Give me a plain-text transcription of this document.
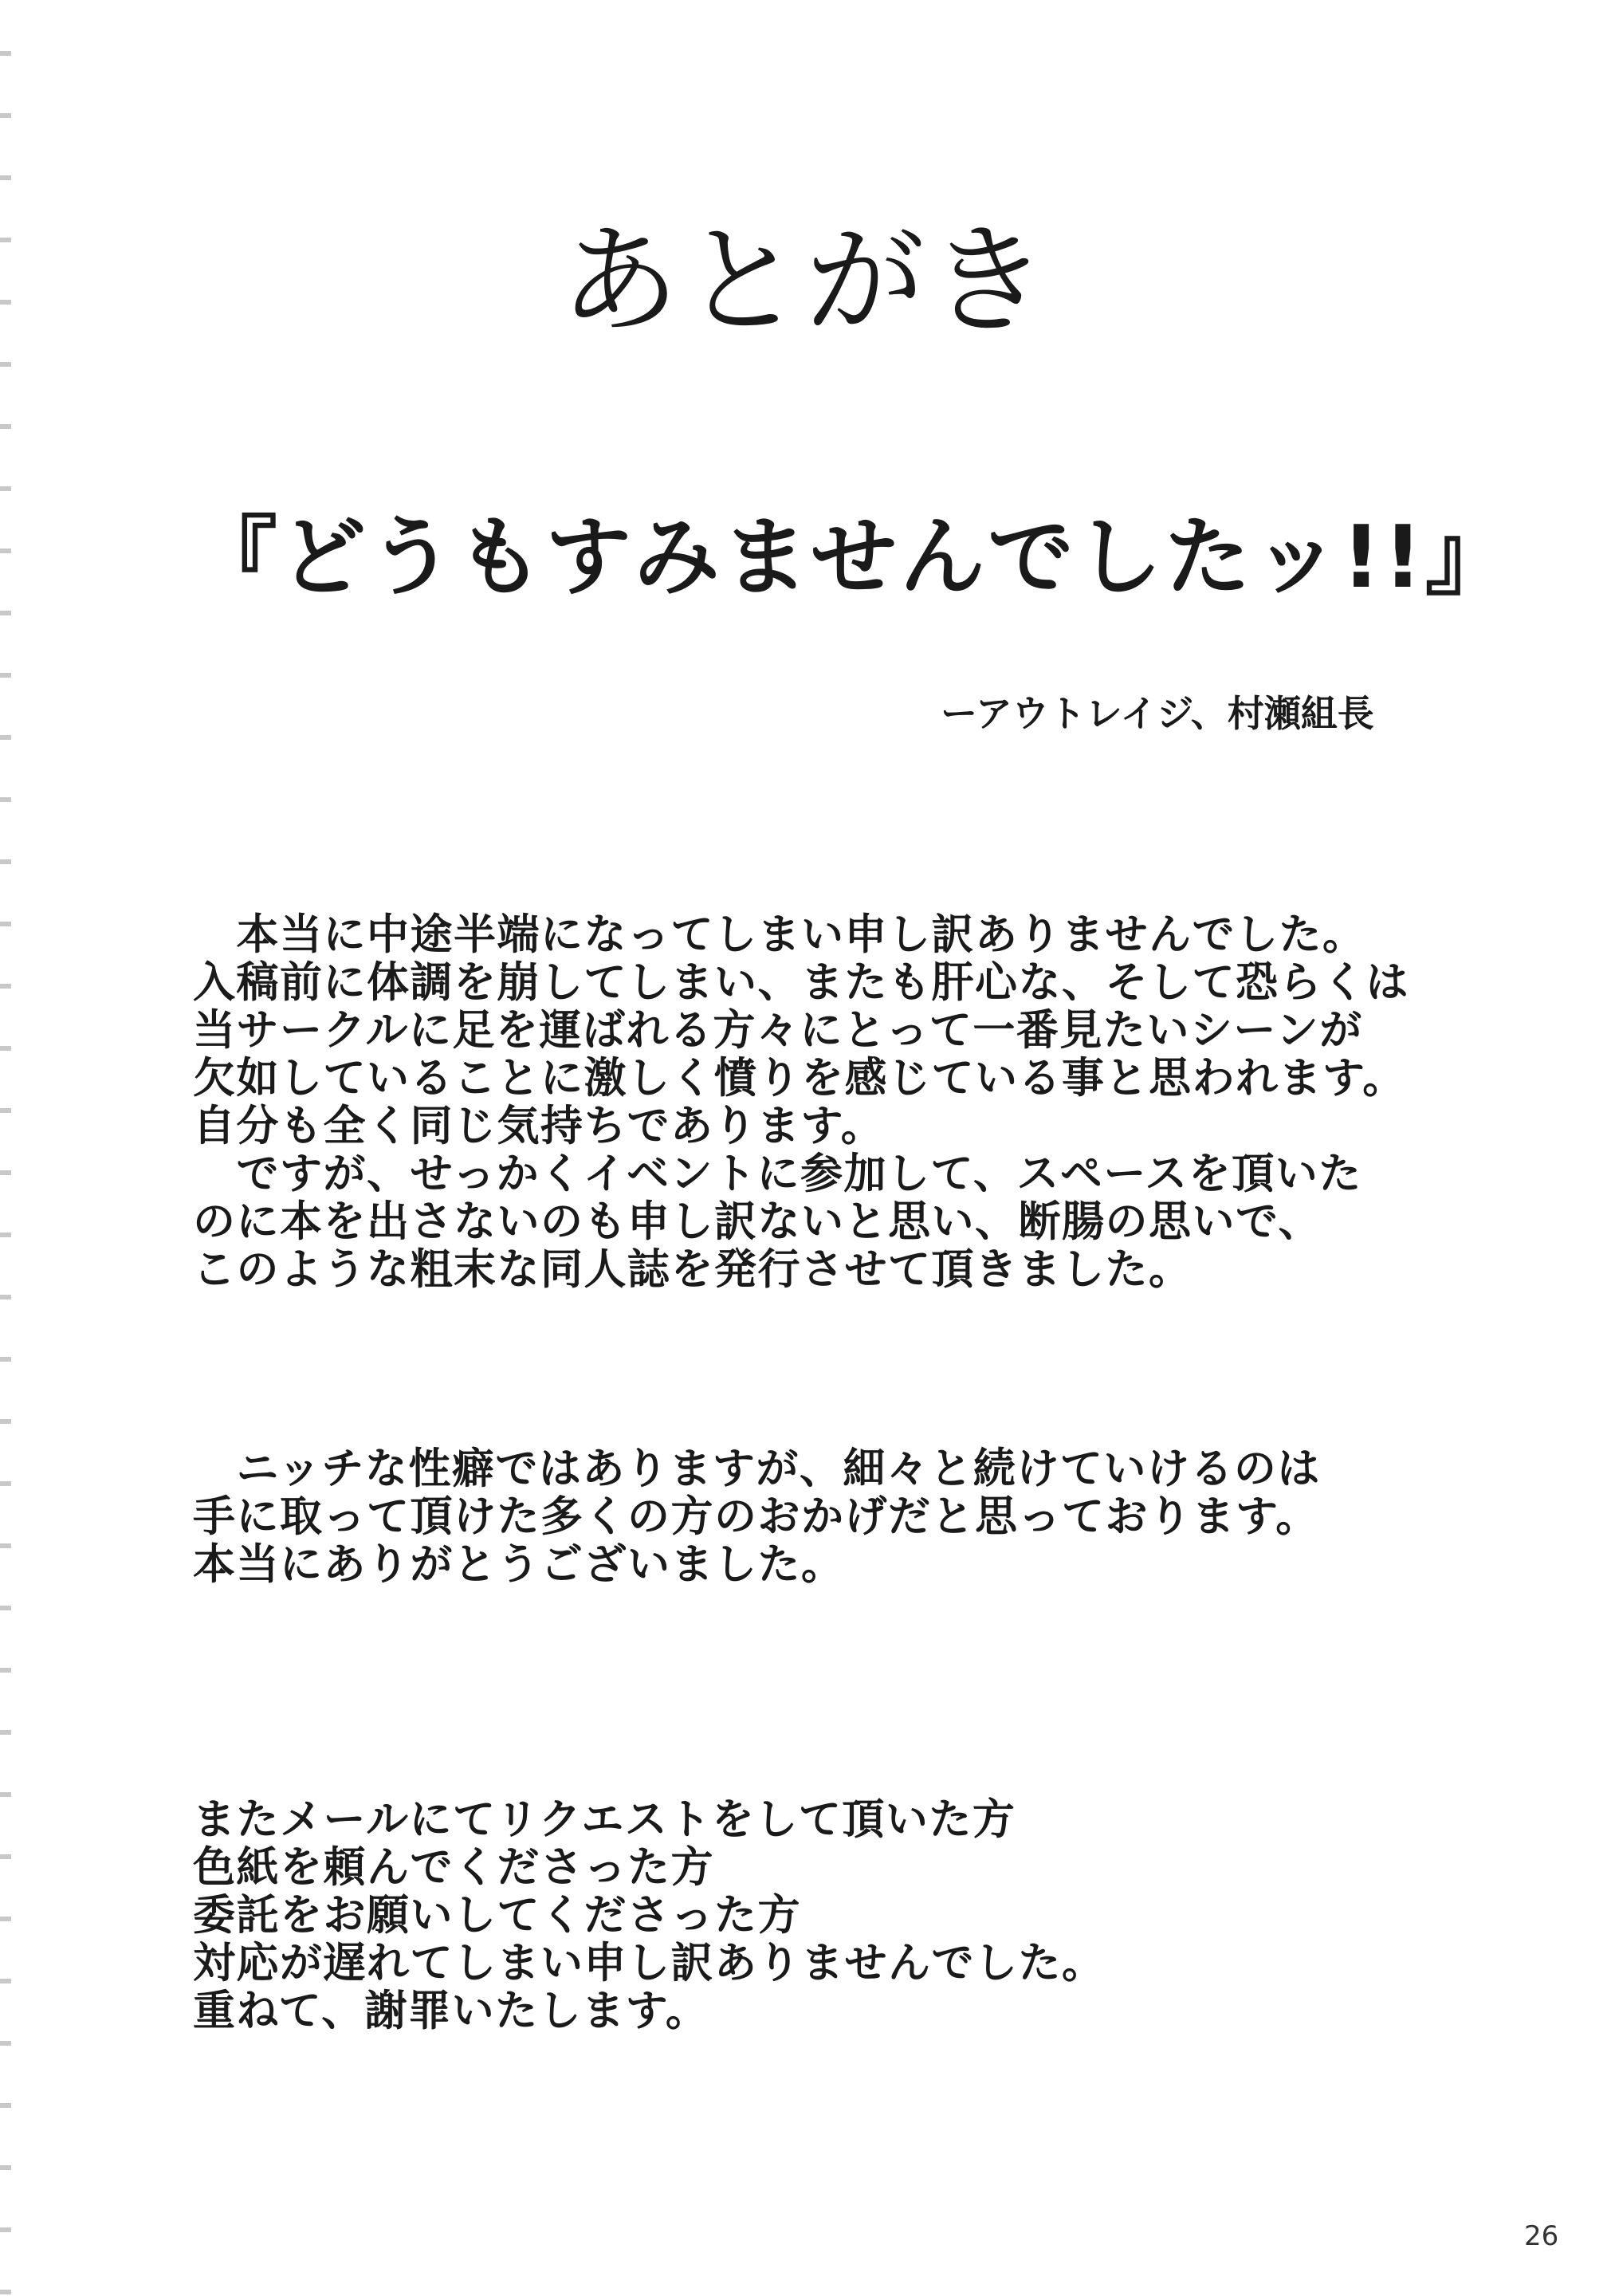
あとがき
『どうもすみませんでしたッ!!』
ーアウトレイジ、村瀬組長
　本当に中途半端になってしまい申し訳ありませんでした。
入稿前に体調を崩してしまい、またも肝心な、そして恐らくは
当サークルに足を運ばれる方々にとって一番見たいシーンが
欠如していることに激しく憤りを感じている事と思われます。
自分も全く同じ気持ちであります。
　ですが、せっかくイベントに参加して、スペースを頂いた
のに本を出さないのも申し訳ないと思い、断腸の思いで、
このような粗末な同人誌を発行させて頂きました。
　ニッチな性癖ではありますが、細々と続けていけるのは
手に取って頂けた多くの方のおかげだと思っております。
本当にありがとうございました。
またメールにてリクエストをして頂いた方
色紙を頼んでくださった方
委託をお願いしてくださった方
対応が遅れてしまい申し訳ありませんでした。
重ねて、謝罪いたします。
26
